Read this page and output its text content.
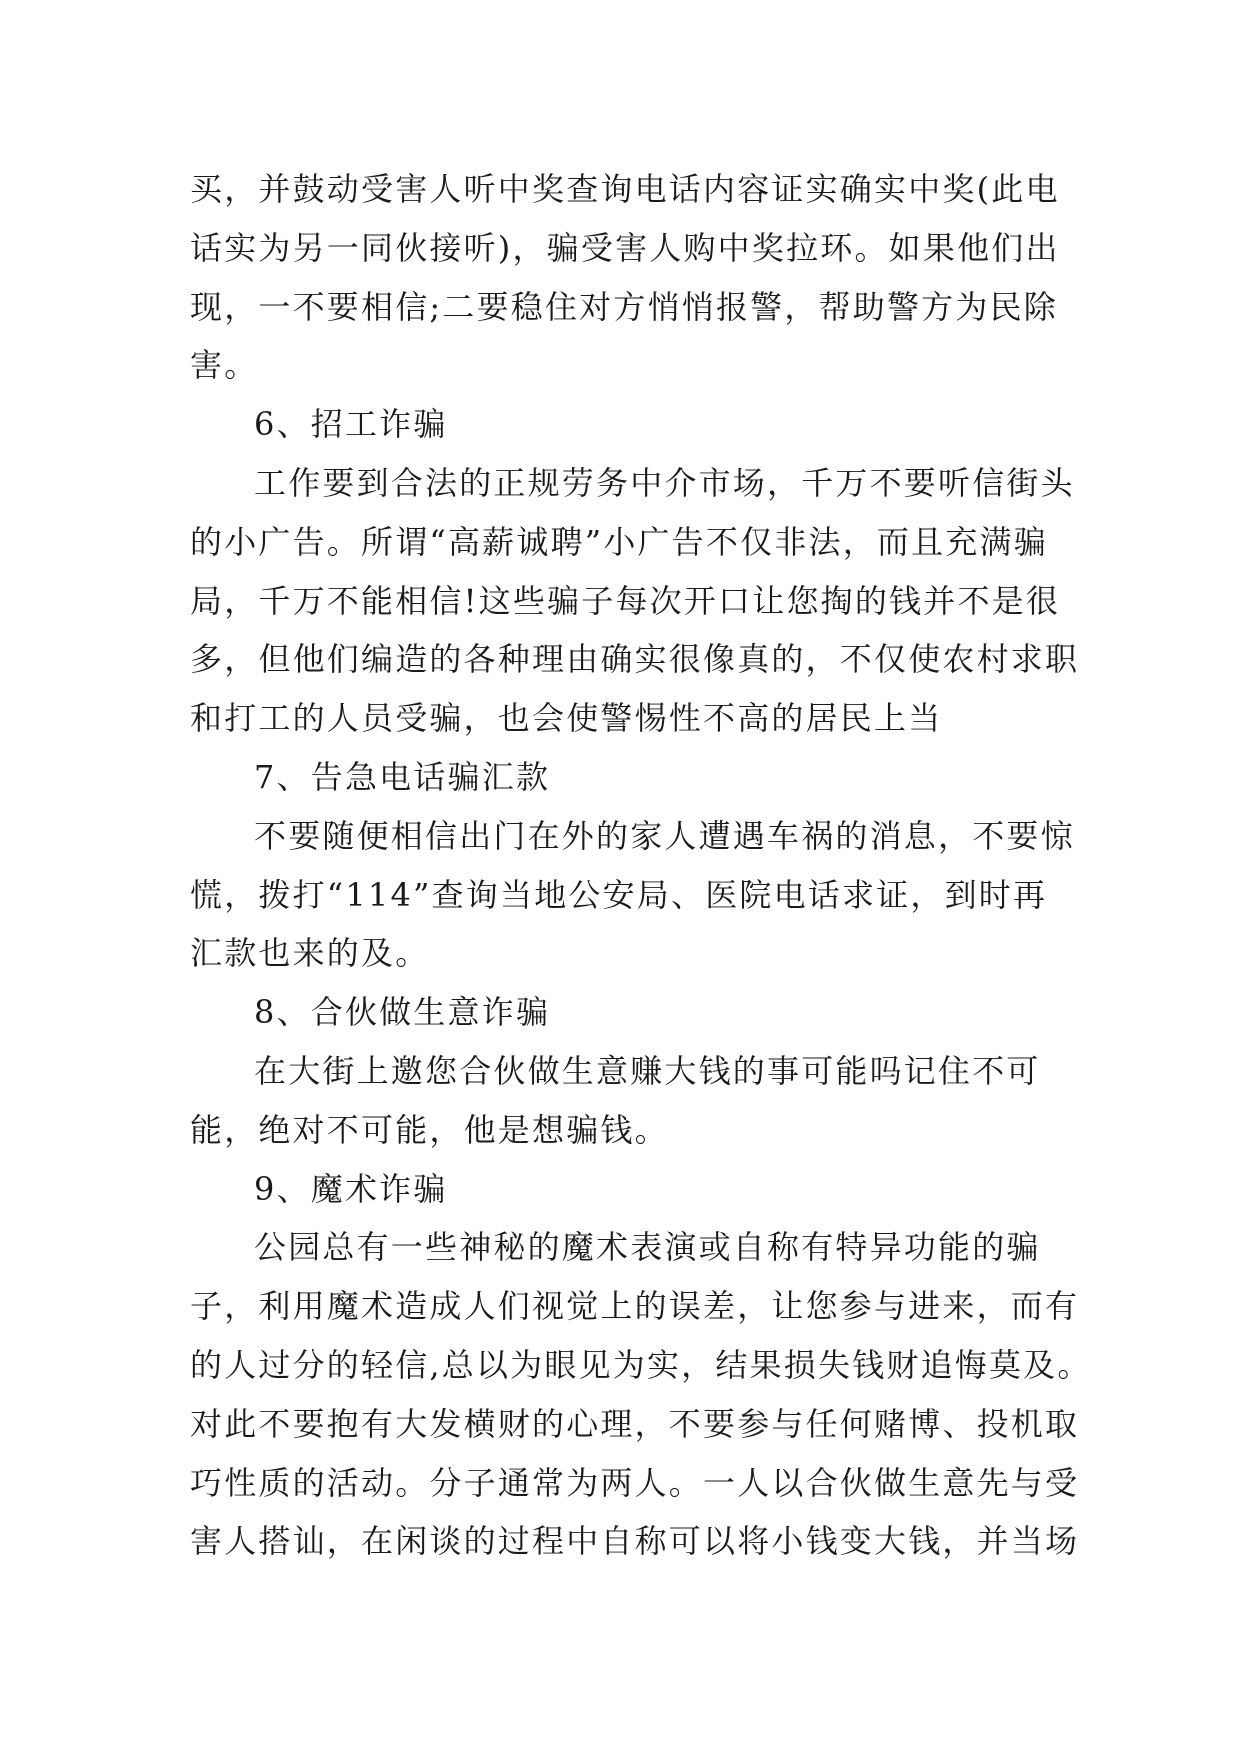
买，并鼓动受害人听中奖查询电话内容证实确实中奖(此电

话实为另一同伙接听)，骗受害人购中奖拉环。如果他们出

现，一不要相信;二要稳住对方悄悄报警，帮助警方为民除

害。

6、招工诈骗

工作要到合法的正规劳务中介市场，千万不要听信街头

的小广告。所谓“高薪诚聘”小广告不仅非法，而且充满骗

局，千万不能相信!这些骗子每次开口让您掏的钱并不是很

多，但他们编造的各种理由确实很像真的，不仅使农村求职

和打工的人员受骗，也会使警惕性不高的居民上当

7、告急电话骗汇款

不要随便相信出门在外的家人遭遇车祸的消息，不要惊

慌，拨打“114”查询当地公安局、医院电话求证，到时再

汇款也来的及。

8、合伙做生意诈骗

在大街上邀您合伙做生意赚大钱的事可能吗记住不可

能，绝对不可能，他是想骗钱。

9、魔术诈骗

公园总有一些神秘的魔术表演或自称有特异功能的骗

子，利用魔术造成人们视觉上的误差，让您参与进来，而有

的人过分的轻信,总以为眼见为实，结果损失钱财追悔莫及。

对此不要抱有大发横财的心理，不要参与任何赌博、投机取

巧性质的活动。分子通常为两人。一人以合伙做生意先与受

害人搭讪，在闲谈的过程中自称可以将小钱变大钱，并当场
